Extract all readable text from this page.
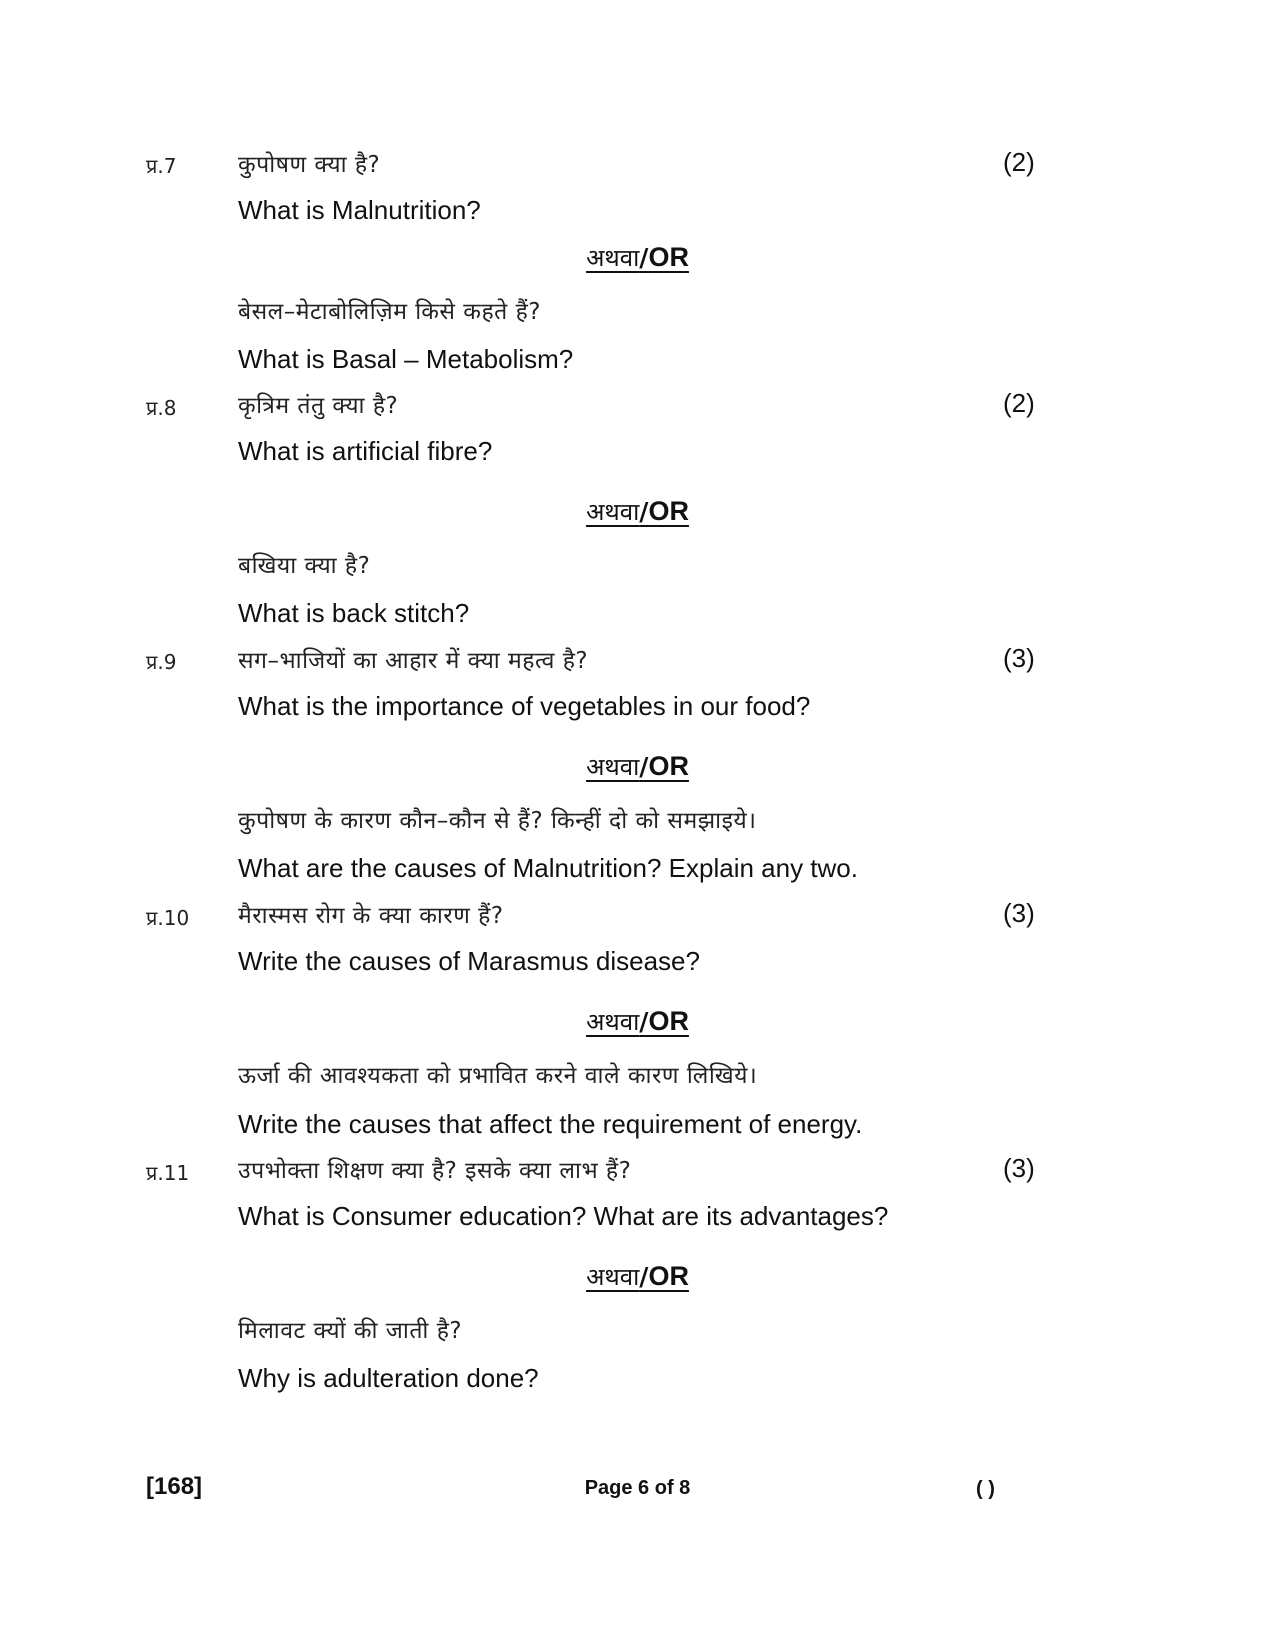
प्र.7	कुपोषण क्या है?	(2)
What is Malnutrition?
अथवा/OR
बेसल–मेटाबोलिज़िम किसे कहते हैं?
What is Basal – Metabolism?
प्र.8	कृत्रिम तंतु क्या है?	(2)
What is artificial fibre?
अथवा/OR
बखिया क्या है?
What is back stitch?
प्र.9	सग–भाजियों का आहार में क्या महत्व है?	(3)
What is the importance of vegetables in our food?
अथवा/OR
कुपोषण के कारण कौन–कौन से हैं? किन्हीं दो को समझाइये।
What are the causes of Malnutrition? Explain any two.
प्र.10 मैरास्मस रोग के क्या कारण हैं?	(3)
Write the causes of Marasmus disease?
अथवा/OR
ऊर्जा की आवश्यकता को प्रभावित करने वाले कारण लिखिये।
Write the causes that affect the requirement of energy.
प्र.11 उपभोक्ता शिक्षण क्या है? इसके क्या लाभ हैं?	(3)
What is Consumer education? What are its advantages?
अथवा/OR
मिलावट क्यों की जाती है?
Why is adulteration done?
[168]	Page 6 of 8	( )
